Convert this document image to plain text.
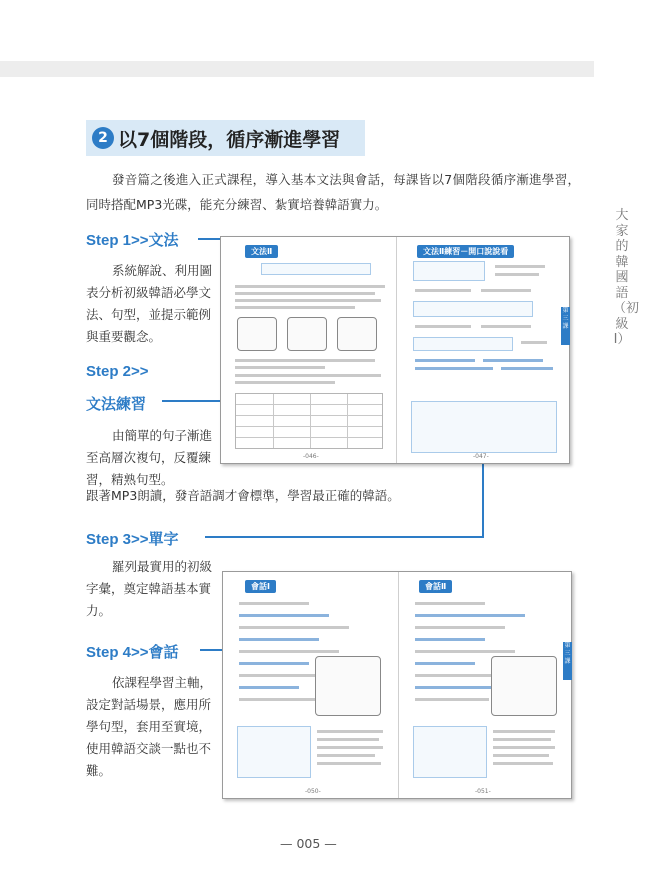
大家的韓國語（初級Ⅰ）
2 以7個階段，循序漸進學習
發音篇之後進入正式課程，導入基本文法與會話，每課皆以7個階段循序漸進學習，同時搭配MP3光碟，能充分練習、紮實培養韓語實力。
Step 1>>文法
系統解說、利用圖表分析初級韓語必學文法、句型，並提示範例與重要觀念。
Step 2>>
文法練習
由簡單的句子漸進至高層次複句，反覆練習，精熟句型。
跟著MP3朗讀，發音語調才會標準，學習最正確的韓語。
Step 3>>單字
羅列最實用的初級字彙，奠定韓語基本實力。
Step 4>>會話
依課程學習主軸，設定對話場景，應用所學句型，套用至實境，使用韓語交談一點也不難。
文法Ⅱ	文法Ⅱ練習－開口說說看
第三課
-046-	-047-
會話Ⅰ	會話Ⅱ
第三課
-050-	-051-
— 005 —
